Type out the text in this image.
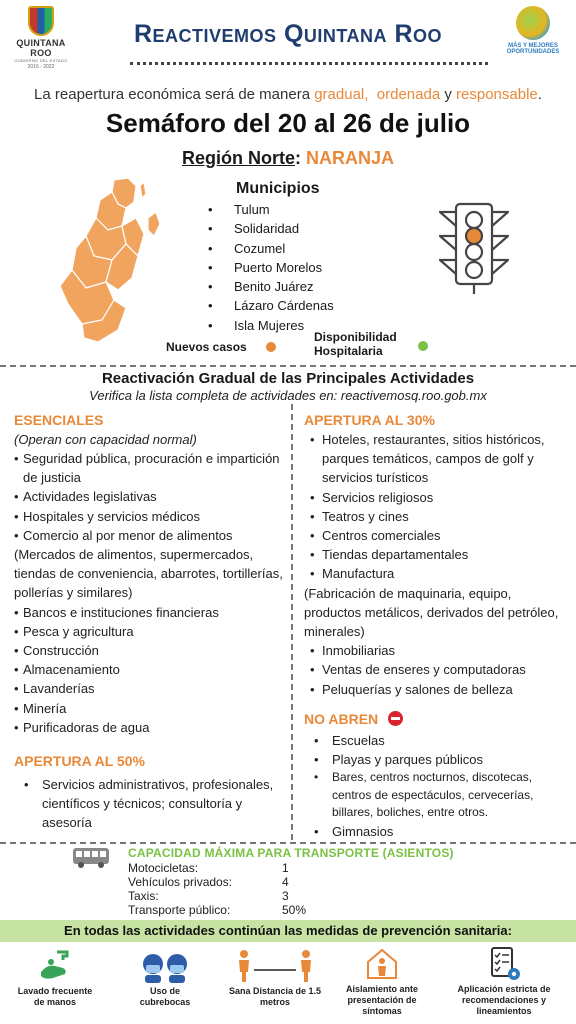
QUINTANA ROO
GOBIERNO DEL ESTADO
2016 - 2022
Reactivemos Quintana Roo	MÁS Y MEJORES
OPORTUNIDADES
La reapertura económica será de manera gradual, ordenada y responsable.
Semáforo del 20 al 26 de julio
Región Norte: NARANJA
Municipios
• Tulum
• Solidaridad
• Cozumel
• Puerto Morelos
• Benito Juárez
• Lázaro Cárdenas
• Isla Mujeres
Nuevos casos
Disponibilidad
Hospitalaria
Reactivación Gradual de las Principales Actividades
Verifica la lista completa de actividades en: reactivemosq.roo.gob.mx
ESENCIALES
(Operan con capacidad normal)
• Seguridad pública, procuración e impartición de justicia
• Actividades legislativas
• Hospitales y servicios médicos
• Comercio al por menor de alimentos
(Mercados de alimentos, supermercados, tiendas de conveniencia, abarrotes, tortillerías, pollerías y similares)
• Bancos e instituciones financieras
• Pesca y agricultura
• Construcción
• Almacenamiento
• Lavanderías
• Minería
• Purificadoras de agua
APERTURA AL 50%
• Servicios administrativos, profesionales, científicos y técnicos; consultoría y asesoría
APERTURA AL 30%
• Hoteles, restaurantes, sitios históricos, parques temáticos, campos de golf y servicios turísticos
• Servicios religiosos
• Teatros y cines
• Centros comerciales
• Tiendas departamentales
• Manufactura
(Fabricación de maquinaria, equipo, productos metálicos, derivados del petróleo, minerales)
• Inmobiliarias
• Ventas de enseres y computadoras
• Peluquerías y salones de belleza
NO ABREN
• Escuelas
• Playas y parques públicos
• Bares, centros nocturnos, discotecas, centros de espectáculos, cervecerías, billares, boliches, entre otros.
• Gimnasios
CAPACIDAD MÁXIMA PARA TRANSPORTE (ASIENTOS)
Motocicletas:	1
Vehículos privados:	4
Taxis:	3
Transporte público:	50%
En todas las actividades continúan las medidas de prevención sanitaria:
Lavado frecuente de manos
Uso de cubrebocas
Sana Distancia de 1.5 metros
Aislamiento ante presentación de síntomas
Aplicación estricta de recomendaciones y lineamientos
